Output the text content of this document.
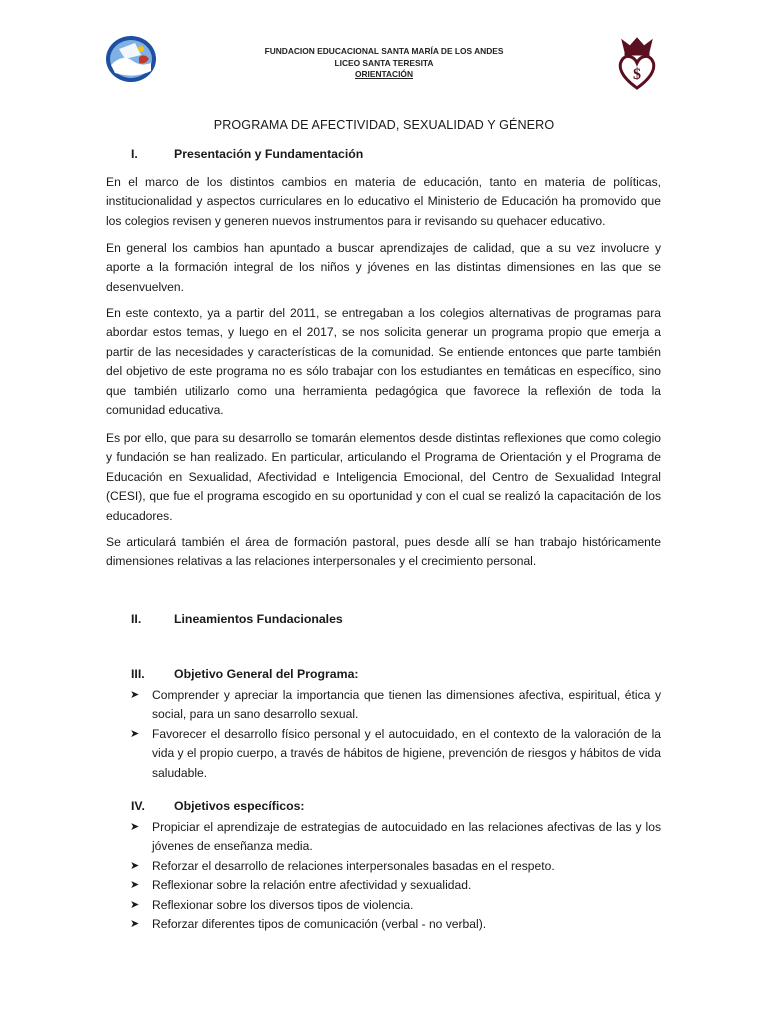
FUNDACION EDUCACIONAL SANTA MARÍA DE LOS ANDES
LICEO SANTA TERESITA
ORIENTACIÓN	$
PROGRAMA DE AFECTIVIDAD, SEXUALIDAD Y GÉNERO
I.	Presentación y Fundamentación

En el marco de los distintos cambios en materia de educación, tanto en materia de políticas, institucionalidad y aspectos curriculares en lo educativo el Ministerio de Educación ha promovido que los colegios revisen y generen nuevos instrumentos para ir revisando su quehacer educativo.

En general los cambios han apuntado a buscar aprendizajes de calidad, que a su vez involucre y aporte a la formación integral de los niños y jóvenes en las distintas dimensiones en las que se desenvuelven.

En este contexto, ya a partir del 2011, se entregaban a los colegios alternativas de programas para abordar estos temas, y luego en el 2017, se nos solicita generar un programa propio que emerja a partir de las necesidades y características de la comunidad. Se entiende entonces que parte también del objetivo de este programa no es sólo trabajar con los estudiantes en temáticas en específico, sino que también utilizarlo como una herramienta pedagógica que favorece la reflexión de toda la comunidad educativa.

Es por ello, que para su desarrollo se tomarán elementos desde distintas reflexiones que como colegio y fundación se han realizado. En particular, articulando el Programa de Orientación y el Programa de Educación en Sexualidad, Afectividad e Inteligencia Emocional, del Centro de Sexualidad Integral (CESI), que fue el programa escogido en su oportunidad y con el cual se realizó la capacitación de los educadores.

Se articulará también el área de formación pastoral, pues desde allí se han trabajo históricamente dimensiones relativas a las relaciones interpersonales y el crecimiento personal.

II.	Lineamientos Fundacionales
III. Objetivo General del Programa:
➤ Comprender y apreciar la importancia que tienen las dimensiones afectiva, espiritual, ética y social, para un sano desarrollo sexual.
➤ Favorecer el desarrollo físico personal y el autocuidado, en el contexto de la valoración de la vida y el propio cuerpo, a través de hábitos de higiene, prevención de riesgos y hábitos de vida saludable.
IV. Objetivos específicos:
➤ Propiciar el aprendizaje de estrategias de autocuidado en las relaciones afectivas de las y los jóvenes de enseñanza media.
➤ Reforzar el desarrollo de relaciones interpersonales basadas en el respeto.
➤ Reflexionar sobre la relación entre afectividad y sexualidad.
➤ Reflexionar sobre los diversos tipos de violencia.
➤ Reforzar diferentes tipos de comunicación (verbal - no verbal).
